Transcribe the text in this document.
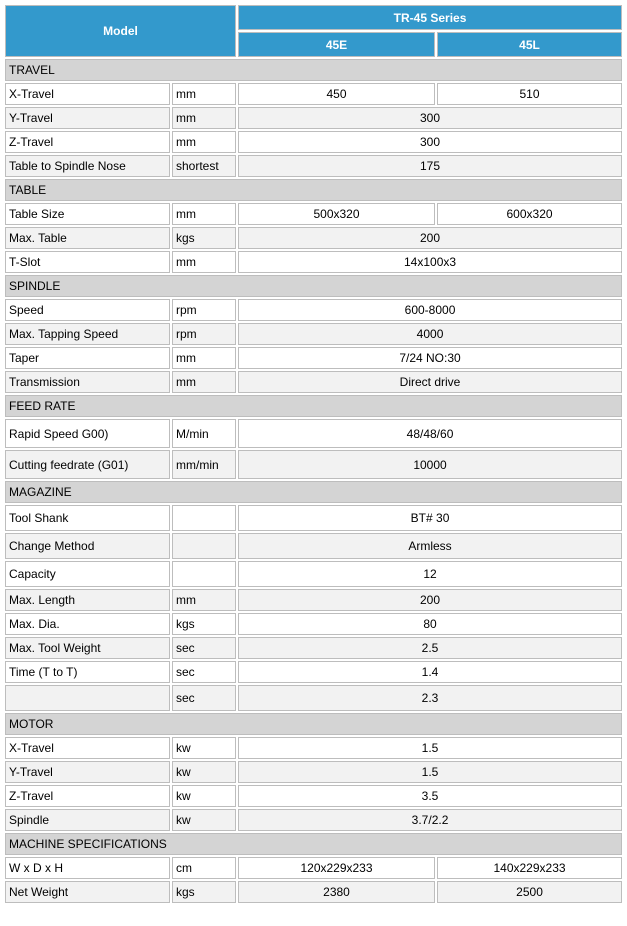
Model		TR-45 Series	
		45E	45L
TRAVEL			
X-Travel	mm	450	510
Y-Travel	mm	300	
Z-Travel	mm	300	
Table to Spindle Nose	shortest	175	
TABLE			
Table Size	mm	500x320	600x320
Max. Table	kgs	200	
T-Slot	mm	14x100x3	
SPINDLE			
Speed	rpm	600-8000	
Max. Tapping Speed	rpm	4000	
Taper	mm	7/24 NO:30	
Transmission	mm	Direct drive	
FEED RATE			
Rapid Speed G00)	M/min	48/48/60	
Cutting feedrate (G01)	mm/min	10000	
MAGAZINE			
Tool Shank		BT# 30	
Change Method		Armless	
Capacity		12	
Max. Length	mm	200	
Max. Dia.	kgs	80	
Max. Tool Weight	sec	2.5	
Time (T to T)	sec	1.4	
	sec	2.3	
MOTOR			
X-Travel	kw	1.5	
Y-Travel	kw	1.5	
Z-Travel	kw	3.5	
Spindle	kw	3.7/2.2	
MACHINE SPECIFICATIONS			
W x D x H	cm	120x229x233	140x229x233
Net Weight	kgs	2380	2500
